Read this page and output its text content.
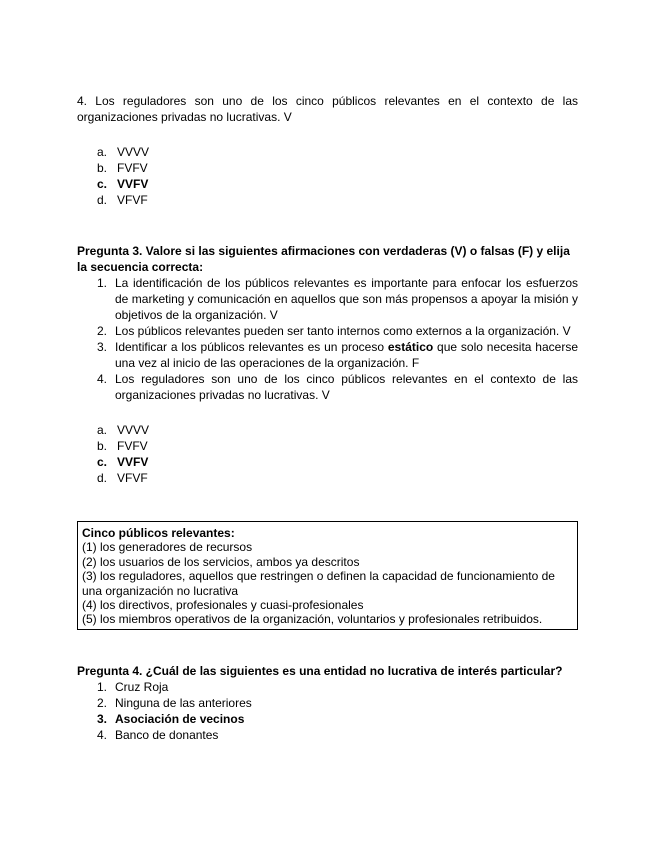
4. Los reguladores son uno de los cinco públicos relevantes en el contexto de las organizaciones privadas no lucrativas. V

a. VVVV
b. FVFV
c. VVFV
d. VFVF

Pregunta 3. Valore si las siguientes afirmaciones con verdaderas (V) o falsas (F) y elija la secuencia correcta:

1. La identificación de los públicos relevantes es importante para enfocar los esfuerzos de marketing y comunicación en aquellos que son más propensos a apoyar la misión y objetivos de la organización. V
2. Los públicos relevantes pueden ser tanto internos como externos a la organización. V
3. Identificar a los públicos relevantes es un proceso estático que solo necesita hacerse una vez al inicio de las operaciones de la organización. F
4. Los reguladores son uno de los cinco públicos relevantes en el contexto de las organizaciones privadas no lucrativas. V
a. VVVV
b. FVFV
c. VVFV
d. VFVF

Cinco públicos relevantes:

(1) los generadores de recursos

(2) los usuarios de los servicios, ambos ya descritos

(3) los reguladores, aquellos que restringen o definen la capacidad de funcionamiento de una organización no lucrativa

(4) los directivos, profesionales y cuasi-profesionales

(5) los miembros operativos de la organización, voluntarios y profesionales retribuidos.

Pregunta 4. ¿Cuál de las siguientes es una entidad no lucrativa de interés particular?

1. Cruz Roja
2. Ninguna de las anteriores
3. Asociación de vecinos
4. Banco de donantes
